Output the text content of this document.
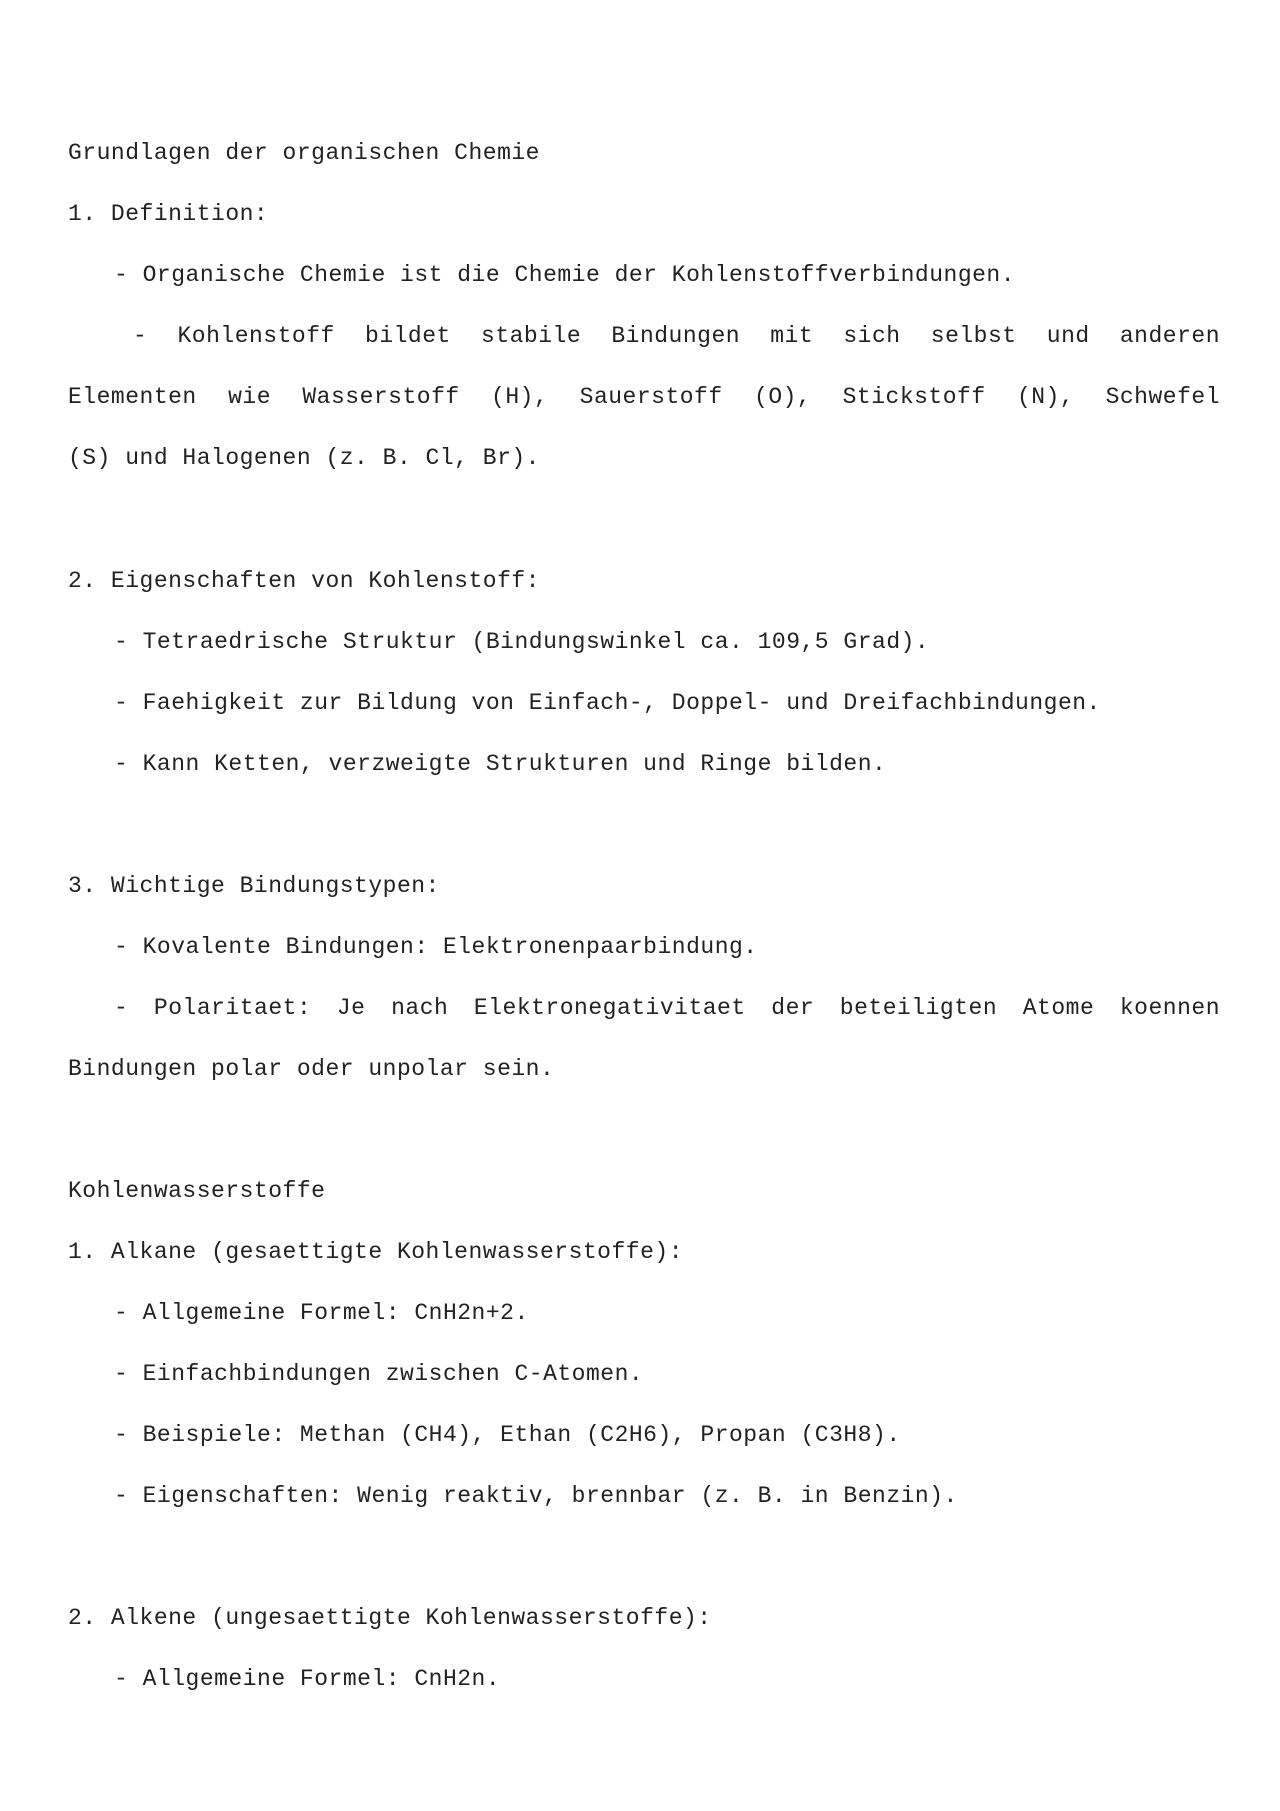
Grundlagen der organischen Chemie
1. Definition:
- Organische Chemie ist die Chemie der Kohlenstoffverbindungen.
- Kohlenstoff bildet stabile Bindungen mit sich selbst und anderen
Elementen wie Wasserstoff (H), Sauerstoff (O), Stickstoff (N), Schwefel
(S) und Halogenen (z. B. Cl, Br).
2. Eigenschaften von Kohlenstoff:
- Tetraedrische Struktur (Bindungswinkel ca. 109,5 Grad).
- Faehigkeit zur Bildung von Einfach-, Doppel- und Dreifachbindungen.
- Kann Ketten, verzweigte Strukturen und Ringe bilden.
3. Wichtige Bindungstypen:
- Kovalente Bindungen: Elektronenpaarbindung.
- Polaritaet: Je nach Elektronegativitaet der beteiligten Atome koennen
Bindungen polar oder unpolar sein.
Kohlenwasserstoffe
1. Alkane (gesaettigte Kohlenwasserstoffe):
- Allgemeine Formel: CnH2n+2.
- Einfachbindungen zwischen C-Atomen.
- Beispiele: Methan (CH4), Ethan (C2H6), Propan (C3H8).
- Eigenschaften: Wenig reaktiv, brennbar (z. B. in Benzin).
2. Alkene (ungesaettigte Kohlenwasserstoffe):
- Allgemeine Formel: CnH2n.
